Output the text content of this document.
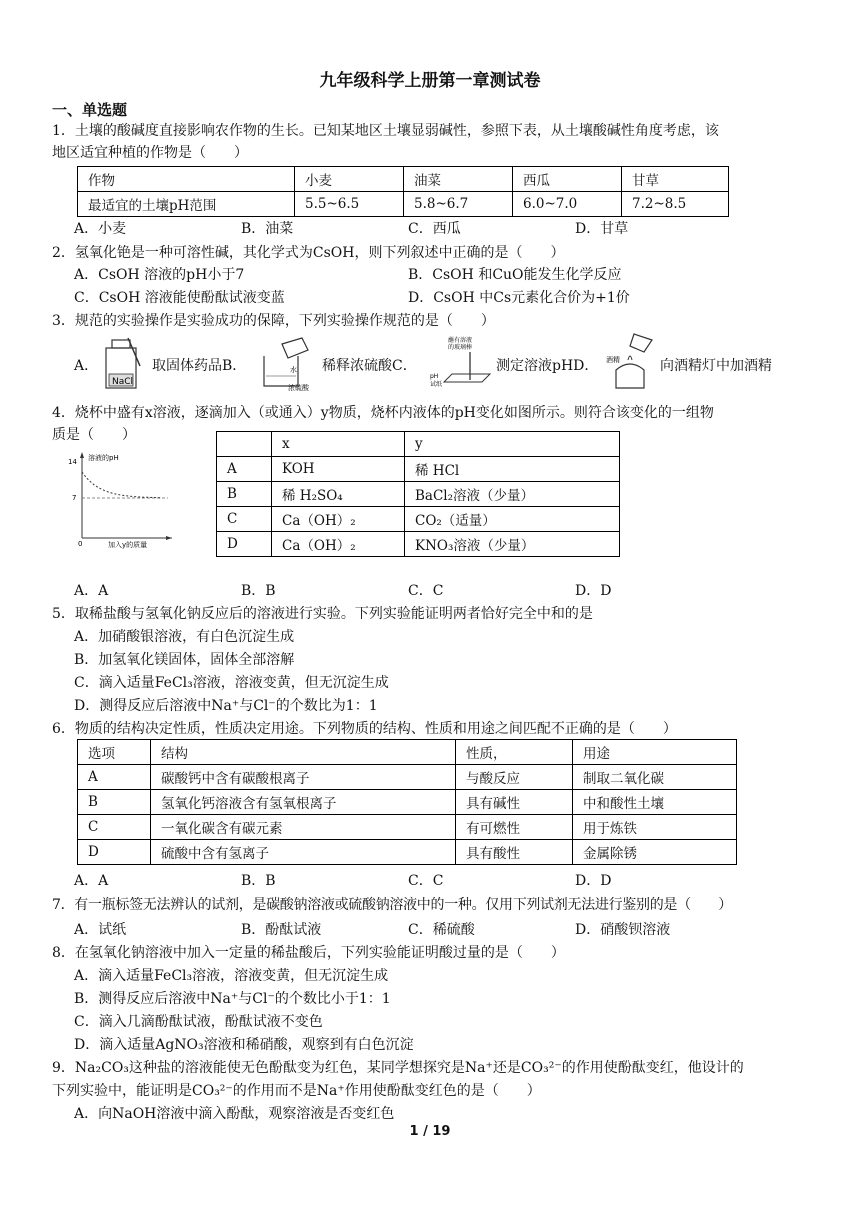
九年级科学上册第一章测试卷
一、单选题
1．土壤的酸碱度直接影响农作物的生长。已知某地区土壤显弱碱性，参照下表，从土壤酸碱性角度考虑，该
地区适宜种植的作物是（　　）
作物	小麦	油菜	西瓜	甘草
最适宜的土壤pH范围	5.5~6.5	5.8~6.7	6.0~7.0	7.2~8.5
A．小麦	B．油菜	C．西瓜	D．甘草
2．氢氧化铯是一种可溶性碱，其化学式为CsOH，则下列叙述中正确的是（　　）
A．CsOH 溶液的pH小于7	B．CsOH 和CuO能发生化学反应
C．CsOH 溶液能使酚酞试液变蓝	D．CsOH 中Cs元素化合价为+1价
3．规范的实验操作是实验成功的保障，下列实验操作规范的是（　　）
A．
NaCl
取固体药品B．	水
浓硫酸
稀释浓硫酸C．
蘸有溶液
的玻璃棒
pH
试纸
测定溶液pHD． 酒精	向酒精灯中加酒精
4．烧杯中盛有x溶液，逐滴加入（或通入）y物质，烧杯内液体的pH变化如图所示。则符合该变化的一组物
质是（　　）
14
7
0
溶液的pH
加入y的质量
	x	y
A	KOH	稀 HCl
B	稀 H₂SO₄	BaCl₂溶液（少量）
C	Ca（OH）₂	CO₂（适量）
D	Ca（OH）₂	KNO₃溶液（少量）
A．A	B．B	C．C	D．D
5．取稀盐酸与氢氧化钠反应后的溶液进行实验。下列实验能证明两者恰好完全中和的是
A．加硝酸银溶液，有白色沉淀生成
B．加氢氧化镁固体，固体全部溶解
C．滴入适量FeCl₃溶液，溶液变黄，但无沉淀生成
D．测得反应后溶液中Na⁺与Cl⁻的个数比为1：1
6．物质的结构决定性质，性质决定用途。下列物质的结构、性质和用途之间匹配不正确的是（　　）
选项	结构	性质，	用途
A	碳酸钙中含有碳酸根离子	与酸反应	制取二氧化碳
B	氢氧化钙溶液含有氢氧根离子	具有碱性	中和酸性土壤
C	一氧化碳含有碳元素	有可燃性	用于炼铁
D	硫酸中含有氢离子	具有酸性	金属除锈
A．A	B．B	C．C	D．D
7．有一瓶标签无法辨认的试剂，是碳酸钠溶液或硫酸钠溶液中的一种。仅用下列试剂无法进行鉴别的是（　　）
A．试纸	B．酚酞试液	C．稀硫酸	D．硝酸钡溶液
8．在氢氧化钠溶液中加入一定量的稀盐酸后，下列实验能证明酸过量的是（　　）
A．滴入适量FeCl₃溶液，溶液变黄，但无沉淀生成
B．测得反应后溶液中Na⁺与Cl⁻的个数比小于1：1
C．滴入几滴酚酞试液，酚酞试液不变色
D．滴入适量AgNO₃溶液和稀硝酸，观察到有白色沉淀
9．Na₂CO₃这种盐的溶液能使无色酚酞变为红色，某同学想探究是Na⁺还是CO₃²⁻的作用使酚酞变红，他设计的
下列实验中，能证明是CO₃²⁻的作用而不是Na⁺作用使酚酞变红色的是（　　）
A．向NaOH溶液中滴入酚酞，观察溶液是否变红色
1 / 19
